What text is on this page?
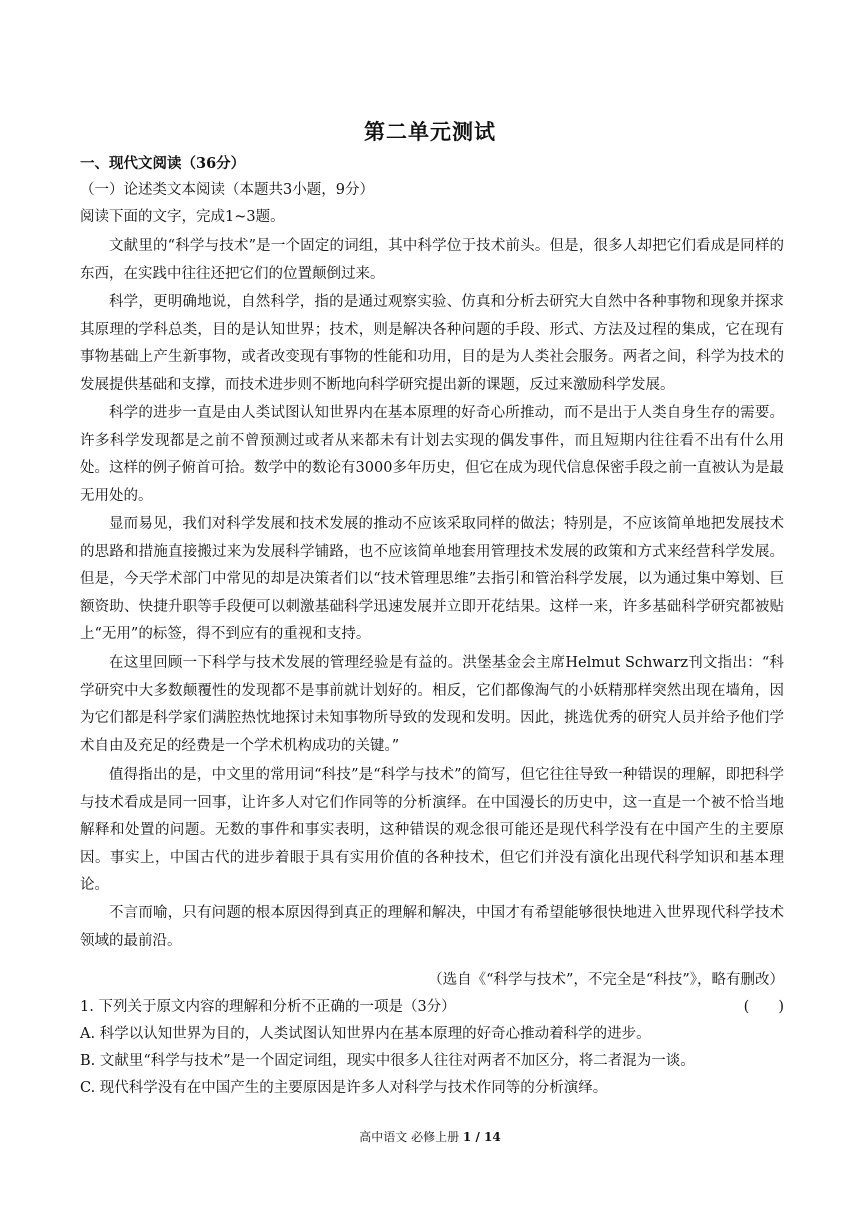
第二单元测试
一、现代文阅读（36分）
（一）论述类文本阅读（本题共3小题，9分）
阅读下面的文字，完成1~3题。

文献里的“科学与技术”是一个固定的词组，其中科学位于技术前头。但是，很多人却把它们看成是同样的东西，在实践中往往还把它们的位置颠倒过来。

科学，更明确地说，自然科学，指的是通过观察实验、仿真和分析去研究大自然中各种事物和现象并探求其原理的学科总类，目的是认知世界；技术，则是解决各种问题的手段、形式、方法及过程的集成，它在现有事物基础上产生新事物，或者改变现有事物的性能和功用，目的是为人类社会服务。两者之间，科学为技术的发展提供基础和支撑，而技术进步则不断地向科学研究提出新的课题，反过来激励科学发展。

科学的进步一直是由人类试图认知世界内在基本原理的好奇心所推动，而不是出于人类自身生存的需要。许多科学发现都是之前不曾预测过或者从来都未有计划去实现的偶发事件，而且短期内往往看不出有什么用处。这样的例子俯首可拾。数学中的数论有3000多年历史，但它在成为现代信息保密手段之前一直被认为是最无用处的。

显而易见，我们对科学发展和技术发展的推动不应该采取同样的做法；特别是，不应该简单地把发展技术的思路和措施直接搬过来为发展科学铺路，也不应该简单地套用管理技术发展的政策和方式来经营科学发展。但是，今天学术部门中常见的却是决策者们以“技术管理思维”去指引和管治科学发展，以为通过集中筹划、巨额资助、快捷升职等手段便可以刺激基础科学迅速发展并立即开花结果。这样一来，许多基础科学研究都被贴上“无用”的标签，得不到应有的重视和支持。

在这里回顾一下科学与技术发展的管理经验是有益的。洪堡基金会主席Helmut Schwarz刊文指出：“科学研究中大多数颠覆性的发现都不是事前就计划好的。相反，它们都像淘气的小妖精那样突然出现在墙角，因为它们都是科学家们满腔热忱地探讨未知事物所导致的发现和发明。因此，挑选优秀的研究人员并给予他们学术自由及充足的经费是一个学术机构成功的关键。”

值得指出的是，中文里的常用词“科技”是“科学与技术”的简写，但它往往导致一种错误的理解，即把科学与技术看成是同一回事，让许多人对它们作同等的分析演绎。在中国漫长的历史中，这一直是一个被不恰当地解释和处置的问题。无数的事件和事实表明，这种错误的观念很可能还是现代科学没有在中国产生的主要原因。事实上，中国古代的进步着眼于具有实用价值的各种技术，但它们并没有演化出现代科学知识和基本理论。

不言而喻，只有问题的根本原因得到真正的理解和解决，中国才有希望能够很快地进入世界现代科学技术领域的最前沿。

（选自《“科学与技术”，不完全是“科技”》，略有删改）
1. 下列关于原文内容的理解和分析不正确的一项是（3分）	(　　)
A. 科学以认知世界为目的，人类试图认知世界内在基本原理的好奇心推动着科学的进步。
B. 文献里“科学与技术”是一个固定词组，现实中很多人往往对两者不加区分，将二者混为一谈。
C. 现代科学没有在中国产生的主要原因是许多人对科学与技术作同等的分析演绎。
高中语文 必修上册 1 / 14
